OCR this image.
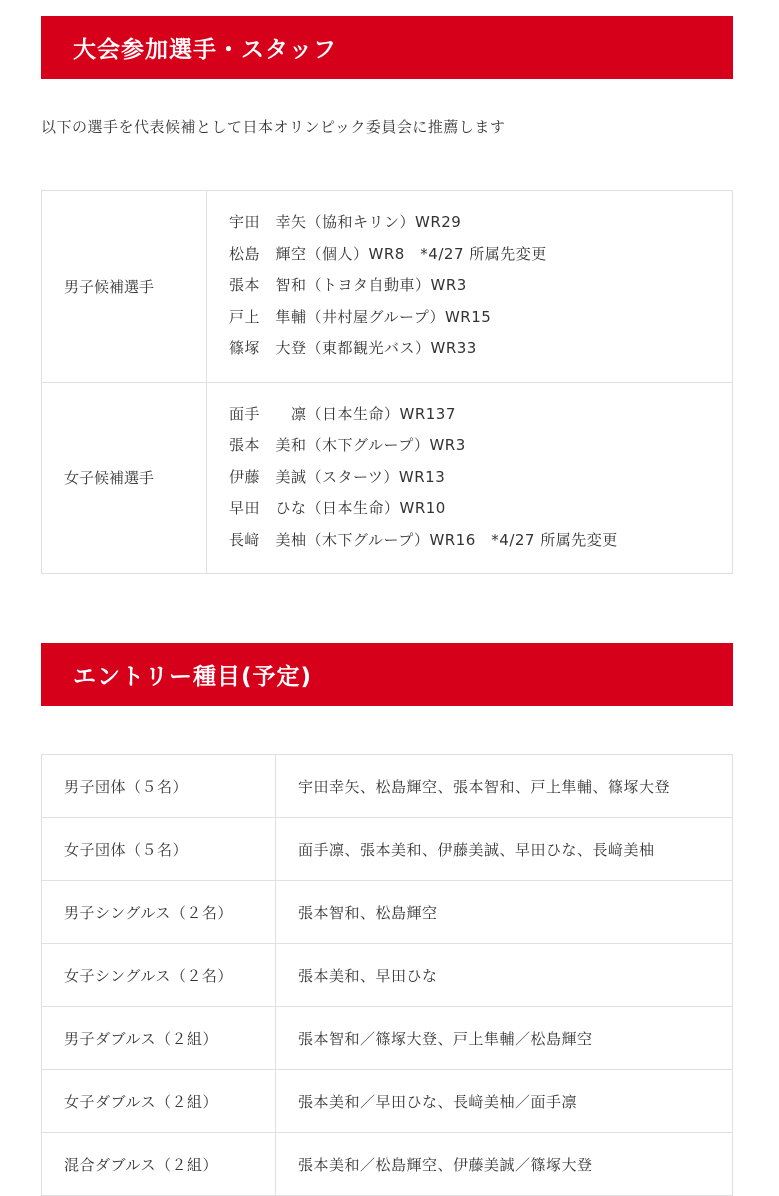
大会参加選手・スタッフ
以下の選手を代表候補として日本オリンピック委員会に推薦します
男子候補選手	宇田　幸矢（協和キリン）WR29
松島　輝空（個人）WR8　*4/27 所属先変更
張本　智和（トヨタ自動車）WR3
戸上　隼輔（井村屋グループ）WR15
篠塚　大登（東都観光バス）WR33

女子候補選手	面手　　凛（日本生命）WR137
張本　美和（木下グループ）WR3
伊藤　美誠（スターツ）WR13
早田　ひな（日本生命）WR10
長﨑　美柚（木下グループ）WR16　*4/27 所属先変更
エントリー種目(予定)
男子団体（５名）	宇田幸矢、松島輝空、張本智和、戸上隼輔、篠塚大登
女子団体（５名）	面手凛、張本美和、伊藤美誠、早田ひな、長﨑美柚
男子シングルス（２名）	張本智和、松島輝空
女子シングルス（２名）	張本美和、早田ひな
男子ダブルス（２組）	張本智和／篠塚大登、戸上隼輔／松島輝空
女子ダブルス（２組）	張本美和／早田ひな、長﨑美柚／面手凛
混合ダブルス（２組）	張本美和／松島輝空、伊藤美誠／篠塚大登
